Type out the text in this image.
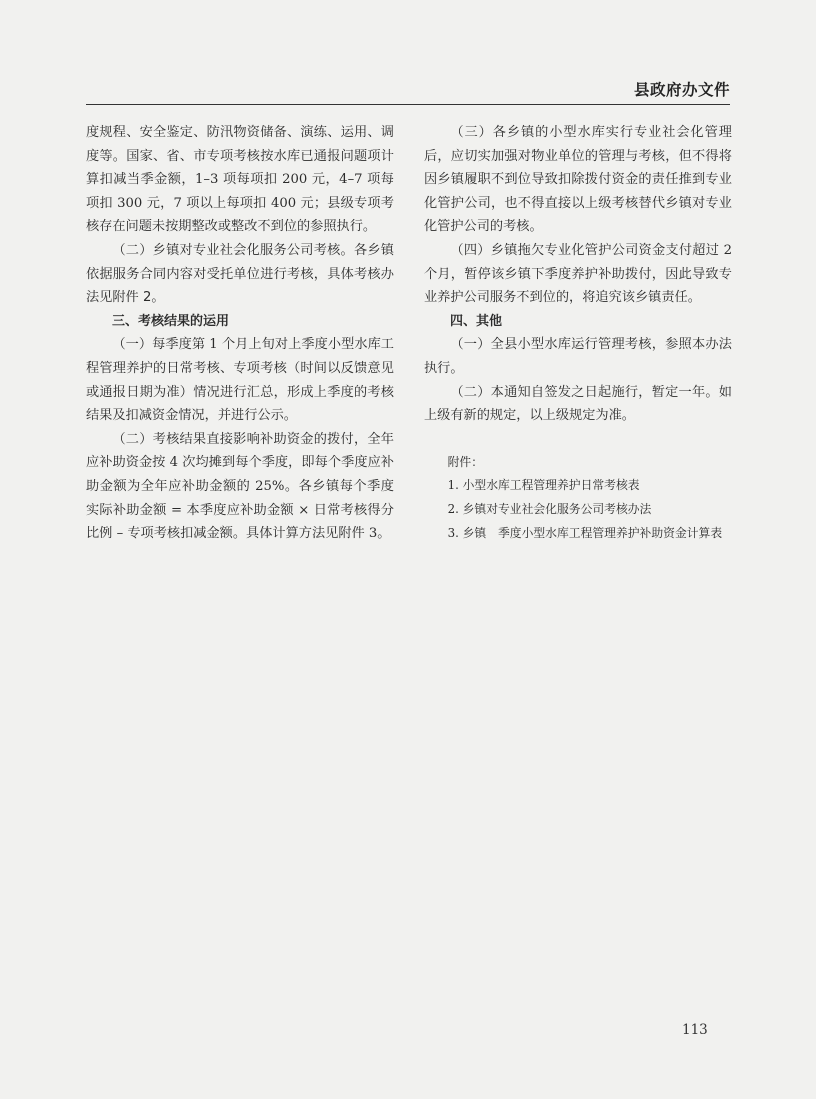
县政府办文件

度规程、安全鉴定、防汛物资储备、演练、运用、调度等。国家、省、市专项考核按水库已通报问题项计算扣减当季金额，1–3 项每项扣 200 元，4–7 项每项扣 300 元，7 项以上每项扣 400 元；县级专项考核存在问题未按期整改或整改不到位的参照执行。

（二）乡镇对专业社会化服务公司考核。各乡镇依据服务合同内容对受托单位进行考核，具体考核办法见附件 2。

三、考核结果的运用

（一）每季度第 1 个月上旬对上季度小型水库工程管理养护的日常考核、专项考核（时间以反馈意见或通报日期为准）情况进行汇总，形成上季度的考核结果及扣减资金情况，并进行公示。

（二）考核结果直接影响补助资金的拨付，全年应补助资金按 4 次均摊到每个季度，即每个季度应补助金额为全年应补助金额的 25%。各乡镇每个季度实际补助金额 = 本季度应补助金额 × 日常考核得分比例 – 专项考核扣减金额。具体计算方法见附件 3。

（三）各乡镇的小型水库实行专业社会化管理后，应切实加强对物业单位的管理与考核，但不得将因乡镇履职不到位导致扣除拨付资金的责任推到专业化管护公司，也不得直接以上级考核替代乡镇对专业化管护公司的考核。

（四）乡镇拖欠专业化管护公司资金支付超过 2 个月，暂停该乡镇下季度养护补助拨付，因此导致专业养护公司服务不到位的，将追究该乡镇责任。

四、其他

（一）全县小型水库运行管理考核，参照本办法执行。

（二）本通知自签发之日起施行，暂定一年。如上级有新的规定，以上级规定为准。

附件：

1. 小型水库工程管理养护日常考核表

2. 乡镇对专业社会化服务公司考核办法

3. 乡镇　季度小型水库工程管理养护补助资金计算表

113
